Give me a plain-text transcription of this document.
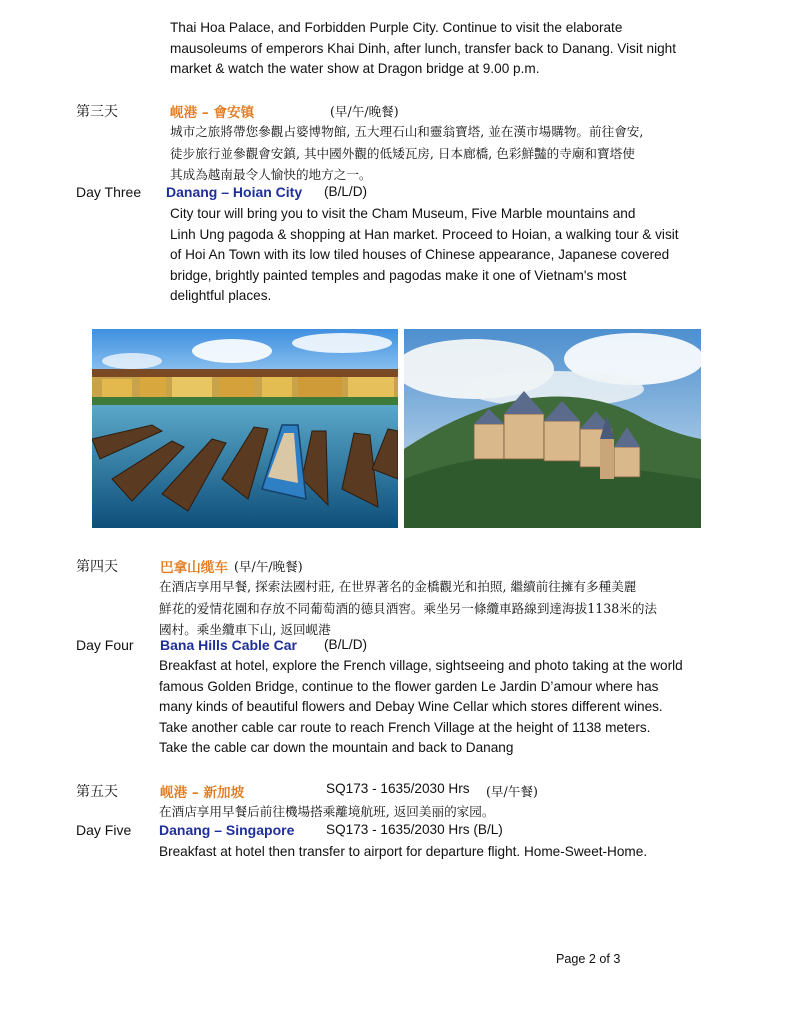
Thai Hoa Palace, and Forbidden Purple City. Continue to visit the elaborate
mausoleums of emperors Khai Dinh, after lunch, transfer back to Danang. Visit night
market & watch the water show at Dragon bridge at 9.00 p.m.
第三天	岘港 – 會安镇	(早/午/晚餐)
城市之旅將帶您參觀占婆博物館, 五大理石山和靈翁寶塔, 並在漢市場購物。前往會安,
徒步旅行並參觀會安鎮, 其中國外觀的低矮瓦房, 日本廊橋, 色彩鮮豔的寺廟和寶塔使
其成為越南最令人愉快的地方之一。
Day Three Danang – Hoian City (B/L/D)
City tour will bring you to visit the Cham Museum, Five Marble mountains and
Linh Ung pagoda & shopping at Han market. Proceed to Hoian, a walking tour & visit
of Hoi An Town with its low tiled houses of Chinese appearance, Japanese covered
bridge, brightly painted temples and pagodas make it one of Vietnam's most
delightful places.
第四天	巴拿山缆车 (早/午/晚餐)
在酒店享用早餐, 探索法國村莊, 在世界著名的金橋觀光和拍照, 繼續前往擁有多種美麗
鮮花的爱情花園和存放不同葡萄酒的德貝酒窖。乘坐另一條纜車路線到達海拔1138米的法
國村。乘坐纜車下山, 返回岘港
Day Four Bana Hills Cable Car (B/L/D)
Breakfast at hotel, explore the French village, sightseeing and photo taking at the world
famous Golden Bridge, continue to the flower garden Le Jardin D’amour where has
many kinds of beautiful flowers and Debay Wine Cellar which stores different wines.
Take another cable car route to reach French Village at the height of 1138 meters.
Take the cable car down the mountain and back to Danang
第五天	岘港 – 新加坡	SQ173 - 1635/2030 Hrs (早/午餐)
在酒店享用早餐后前往機場搭乘離境航班, 返回美丽的家园。
Day Five Danang – Singapore SQ173 - 1635/2030 Hrs (B/L)
Breakfast at hotel then transfer to airport for departure flight. Home-Sweet-Home.
Page 2 of 3
